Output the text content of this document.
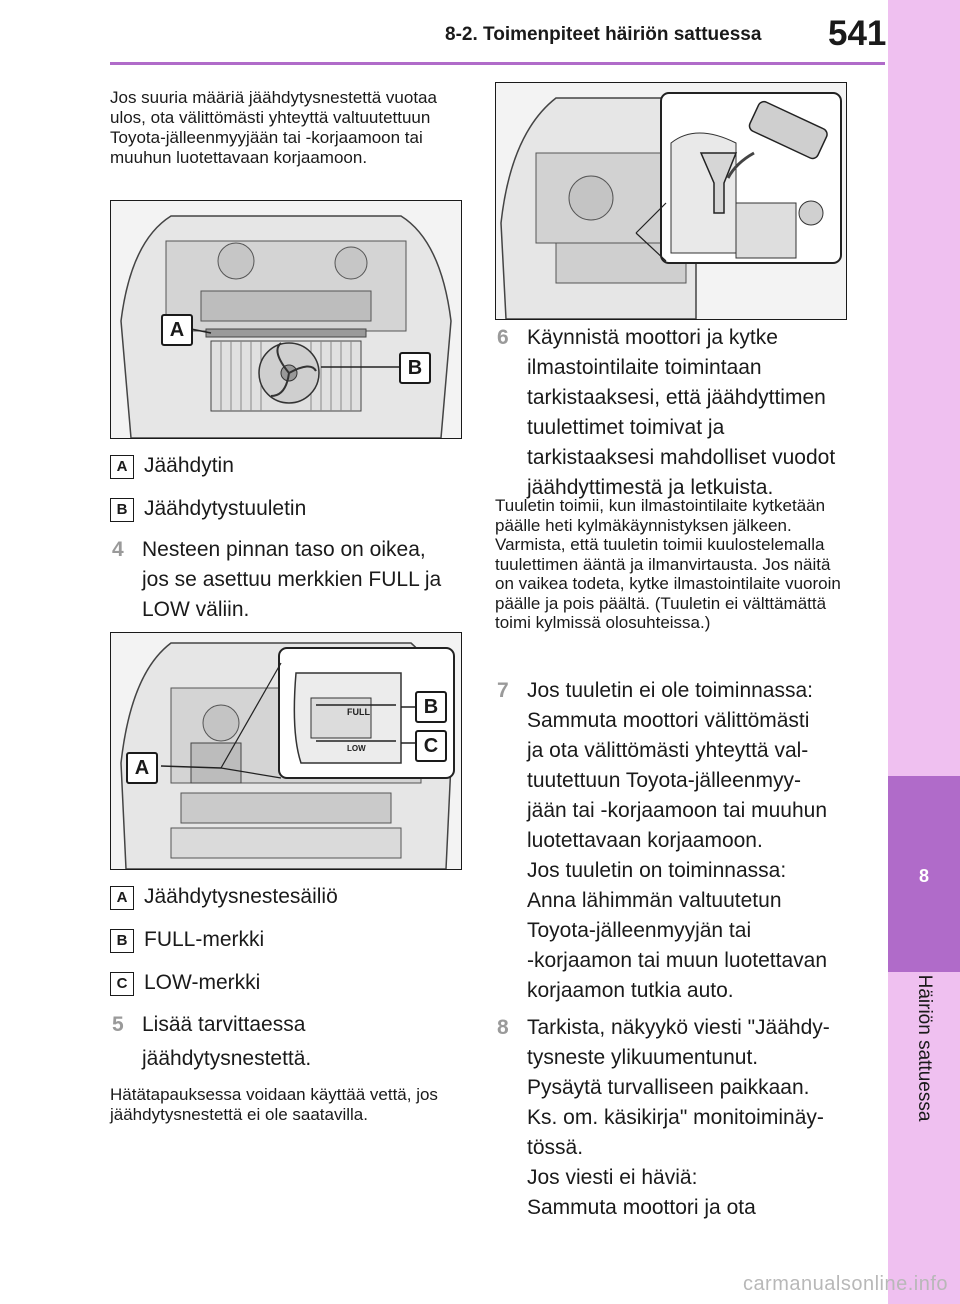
8-2. Toimenpiteet häiriön sattuessa 541
8
Häiriön sattuessa
Jos suuria määriä jäähdytysnestettä vuotaa ulos, ota välittömästi yhteyttä valtuutettuun Toyota-jälleenmyyjään tai -korjaamoon tai muuhun luotettavaan korjaamoon.
A
B
A Jäähdytin
B Jäähdytystuuletin
4 Nesteen pinnan taso on oikea, jos se asettuu merkkien FULL ja LOW väliin.
FULL
LOW
A
B
C
A Jäähdytysnestesäiliö
B FULL-merkki
C LOW-merkki
5 Lisää tarvittaessa jäähdytysnestettä.
Hätätapauksessa voidaan käyttää vettä, jos jäähdytysnestettä ei ole saatavilla.
6 Käynnistä moottori ja kytke ilmastointilaite toimintaan tarkistaaksesi, että jäähdyttimen tuulettimet toimivat ja tarkistaaksesi mahdolliset vuodot jäähdyttimestä ja letkuista.
Tuuletin toimii, kun ilmastointilaite kytketään päälle heti kylmäkäynnistyksen jälkeen. Varmista, että tuuletin toimii kuulostelemalla tuulettimen ääntä ja ilmanvirtausta. Jos näitä on vaikea todeta, kytke ilmastointilaite vuoroin päälle ja pois päältä. (Tuuletin ei välttämättä toimi kylmissä olosuhteissa.)
7 Jos tuuletin ei ole toiminnassa:
Sammuta moottori välittömästi
ja ota välittömästi yhteyttä val-
tuutettuun Toyota-jälleenmyy-
jään tai -korjaamoon tai muuhun
luotettavaan korjaamoon.
Jos tuuletin on toiminnassa:
Anna lähimmän valtuutetun
Toyota-jälleenmyyjän tai
-korjaamon tai muun luotettavan
korjaamon tutkia auto.
8 Tarkista, näkyykö viesti "Jäähdy-
tysneste ylikuumentunut.
Pysäytä turvalliseen paikkaan.
Ks. om. käsikirja" monitoiminäy-
tössä.
Jos viesti ei häviä:
Sammuta moottori ja ota
carmanualsonline.info
